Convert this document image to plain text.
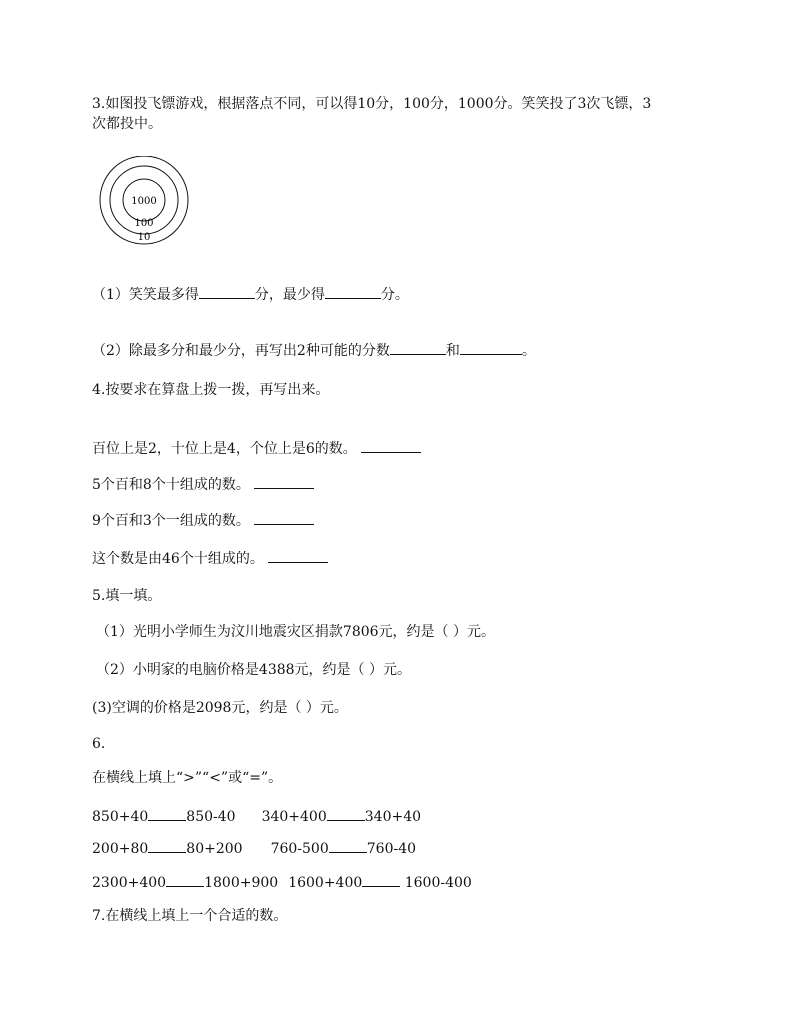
3.如图投飞镖游戏，根据落点不同，可以得10分，100分，1000分。笑笑投了3次飞镖，3
次都投中。
1000
100
10
（1）笑笑最多得	分，最少得	分。
（2）除最多分和最少分，再写出2种可能的分数	和	。
4.按要求在算盘上拨一拨，再写出来。
百位上是2，十位上是4，个位上是6的数。
5个百和8个十组成的数。
9个百和3个一组成的数。
这个数是由46个十组成的。
5.填一填。
（1）光明小学师生为汶川地震灾区捐款7806元，约是（ ）元。
（2）小明家的电脑价格是4388元，约是（ ）元。
(3)空调的价格是2098元，约是（ ）元。
6.
在横线上填上“>”“<”或“=”。
850+40	850-40 340+400	340+40
200+80	80+200 760-500	760-40
2300+400	1800+900 1600+400	1600-400
7.在横线上填上一个合适的数。
